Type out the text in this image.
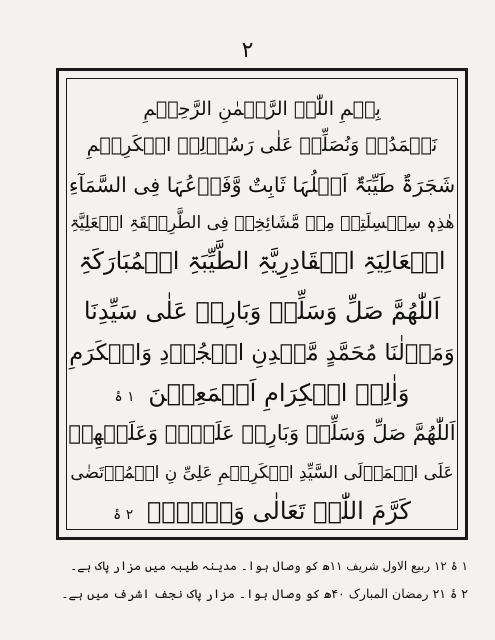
۲
بِسۡمِ اللّٰہِ الرَّحۡمٰنِ الرَّحِیۡمِ
نَحۡمَدُہٗ وَنُصَلِّیۡ عَلٰی رَسُوۡلِہِ الۡکَرِیۡمِ
شَجَرَۃٌ طَیِّبَۃٌ اَصۡلُہَا ثَابِتٌ وَّفَرۡعُہَا فِی السَّمَآءِ
ھٰذِہٖ سِلۡسِلَتِیۡ مِنۡ مَّشَائِخِیۡ فِی الطَّرِیۡقَۃِ الۡعَلِیَّۃِ
الۡعَالِیَۃِ الۡقَادِرِیَّۃِ الطَّیِّبَۃِ الۡمُبَارَکَۃِ
اَللّٰھُمَّ صَلِّ وَسَلِّمۡ وَبَارِکۡ عَلٰی سَیِّدِنَا
وَمَوۡلٰنَا مُحَمَّدٍ مَّعۡدِنِ الۡجُوۡدِ وَالۡکَرَمِ
وَاٰلِہِ الۡکِرَامِ اَجۡمَعِیۡنَ ۱ ۂ
اَللّٰھُمَّ صَلِّ وَسَلِّمۡ وَبَارِکۡ عَلَیۡہِ وَعَلَیۡھِمۡ
عَلَی الۡمَوۡلَی السَّیِّدِ الۡکَرِیۡمِ عَلِیِّ نِ الۡمُرۡتَضٰی
کَرَّمَ اللّٰہُ تَعَالٰی وَجۡہَہٗ ۲ ۂ
۱ ۂ ۱۲ ربیع الاول شریف ۱۱ھ کو وصال ہوا۔ مدینہ طیبہ میں مزار پاک ہے۔
۲ ۂ ۲۱ رمضان المبارک ۴۰ھ کو وصال ہوا۔ مزار پاک نجف اشرف میں ہے۔
